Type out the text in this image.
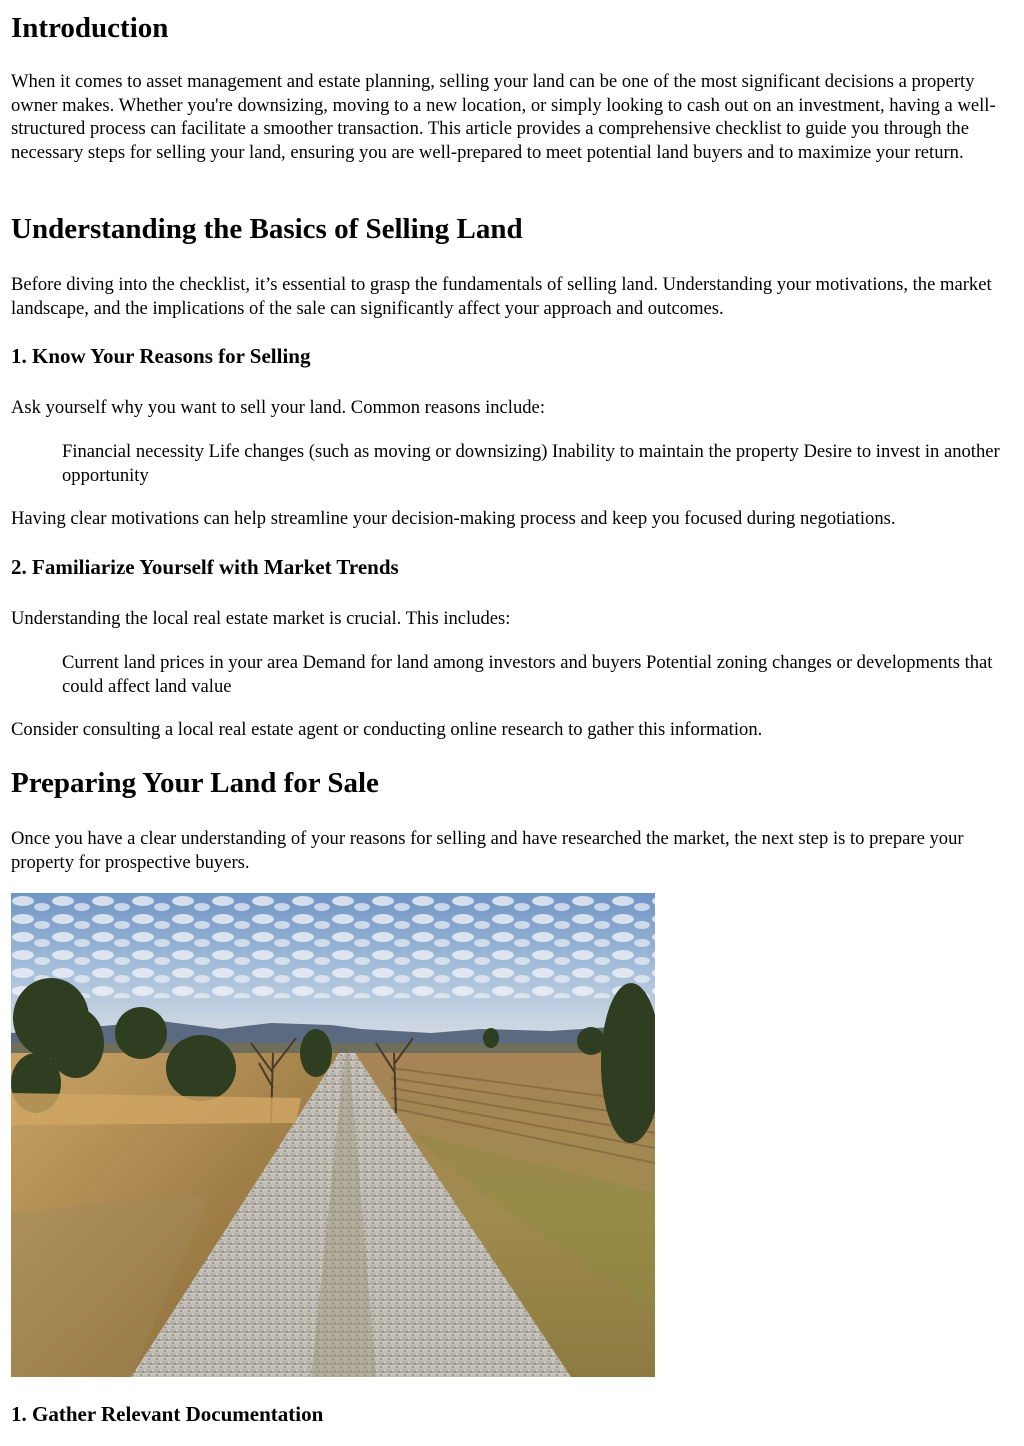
Introduction

When it comes to asset management and estate planning, selling your land can be one of the most significant decisions a property owner makes. Whether you're downsizing, moving to a new location, or simply looking to cash out on an investment, having a well-structured process can facilitate a smoother transaction. This article provides a comprehensive checklist to guide you through the necessary steps for selling your land, ensuring you are well-prepared to meet potential land buyers and to maximize your return.

Understanding the Basics of Selling Land

Before diving into the checklist, it’s essential to grasp the fundamentals of selling land. Understanding your motivations, the market landscape, and the implications of the sale can significantly affect your approach and outcomes.

1. Know Your Reasons for Selling

Ask yourself why you want to sell your land. Common reasons include:

Financial necessity Life changes (such as moving or downsizing) Inability to maintain the property Desire to invest in another opportunity

Having clear motivations can help streamline your decision-making process and keep you focused during negotiations.

2. Familiarize Yourself with Market Trends

Understanding the local real estate market is crucial. This includes:

Current land prices in your area Demand for land among investors and buyers Potential zoning changes or developments that could affect land value

Consider consulting a local real estate agent or conducting online research to gather this information.

Preparing Your Land for Sale

Once you have a clear understanding of your reasons for selling and have researched the market, the next step is to prepare your property for prospective buyers.

1. Gather Relevant Documentation
